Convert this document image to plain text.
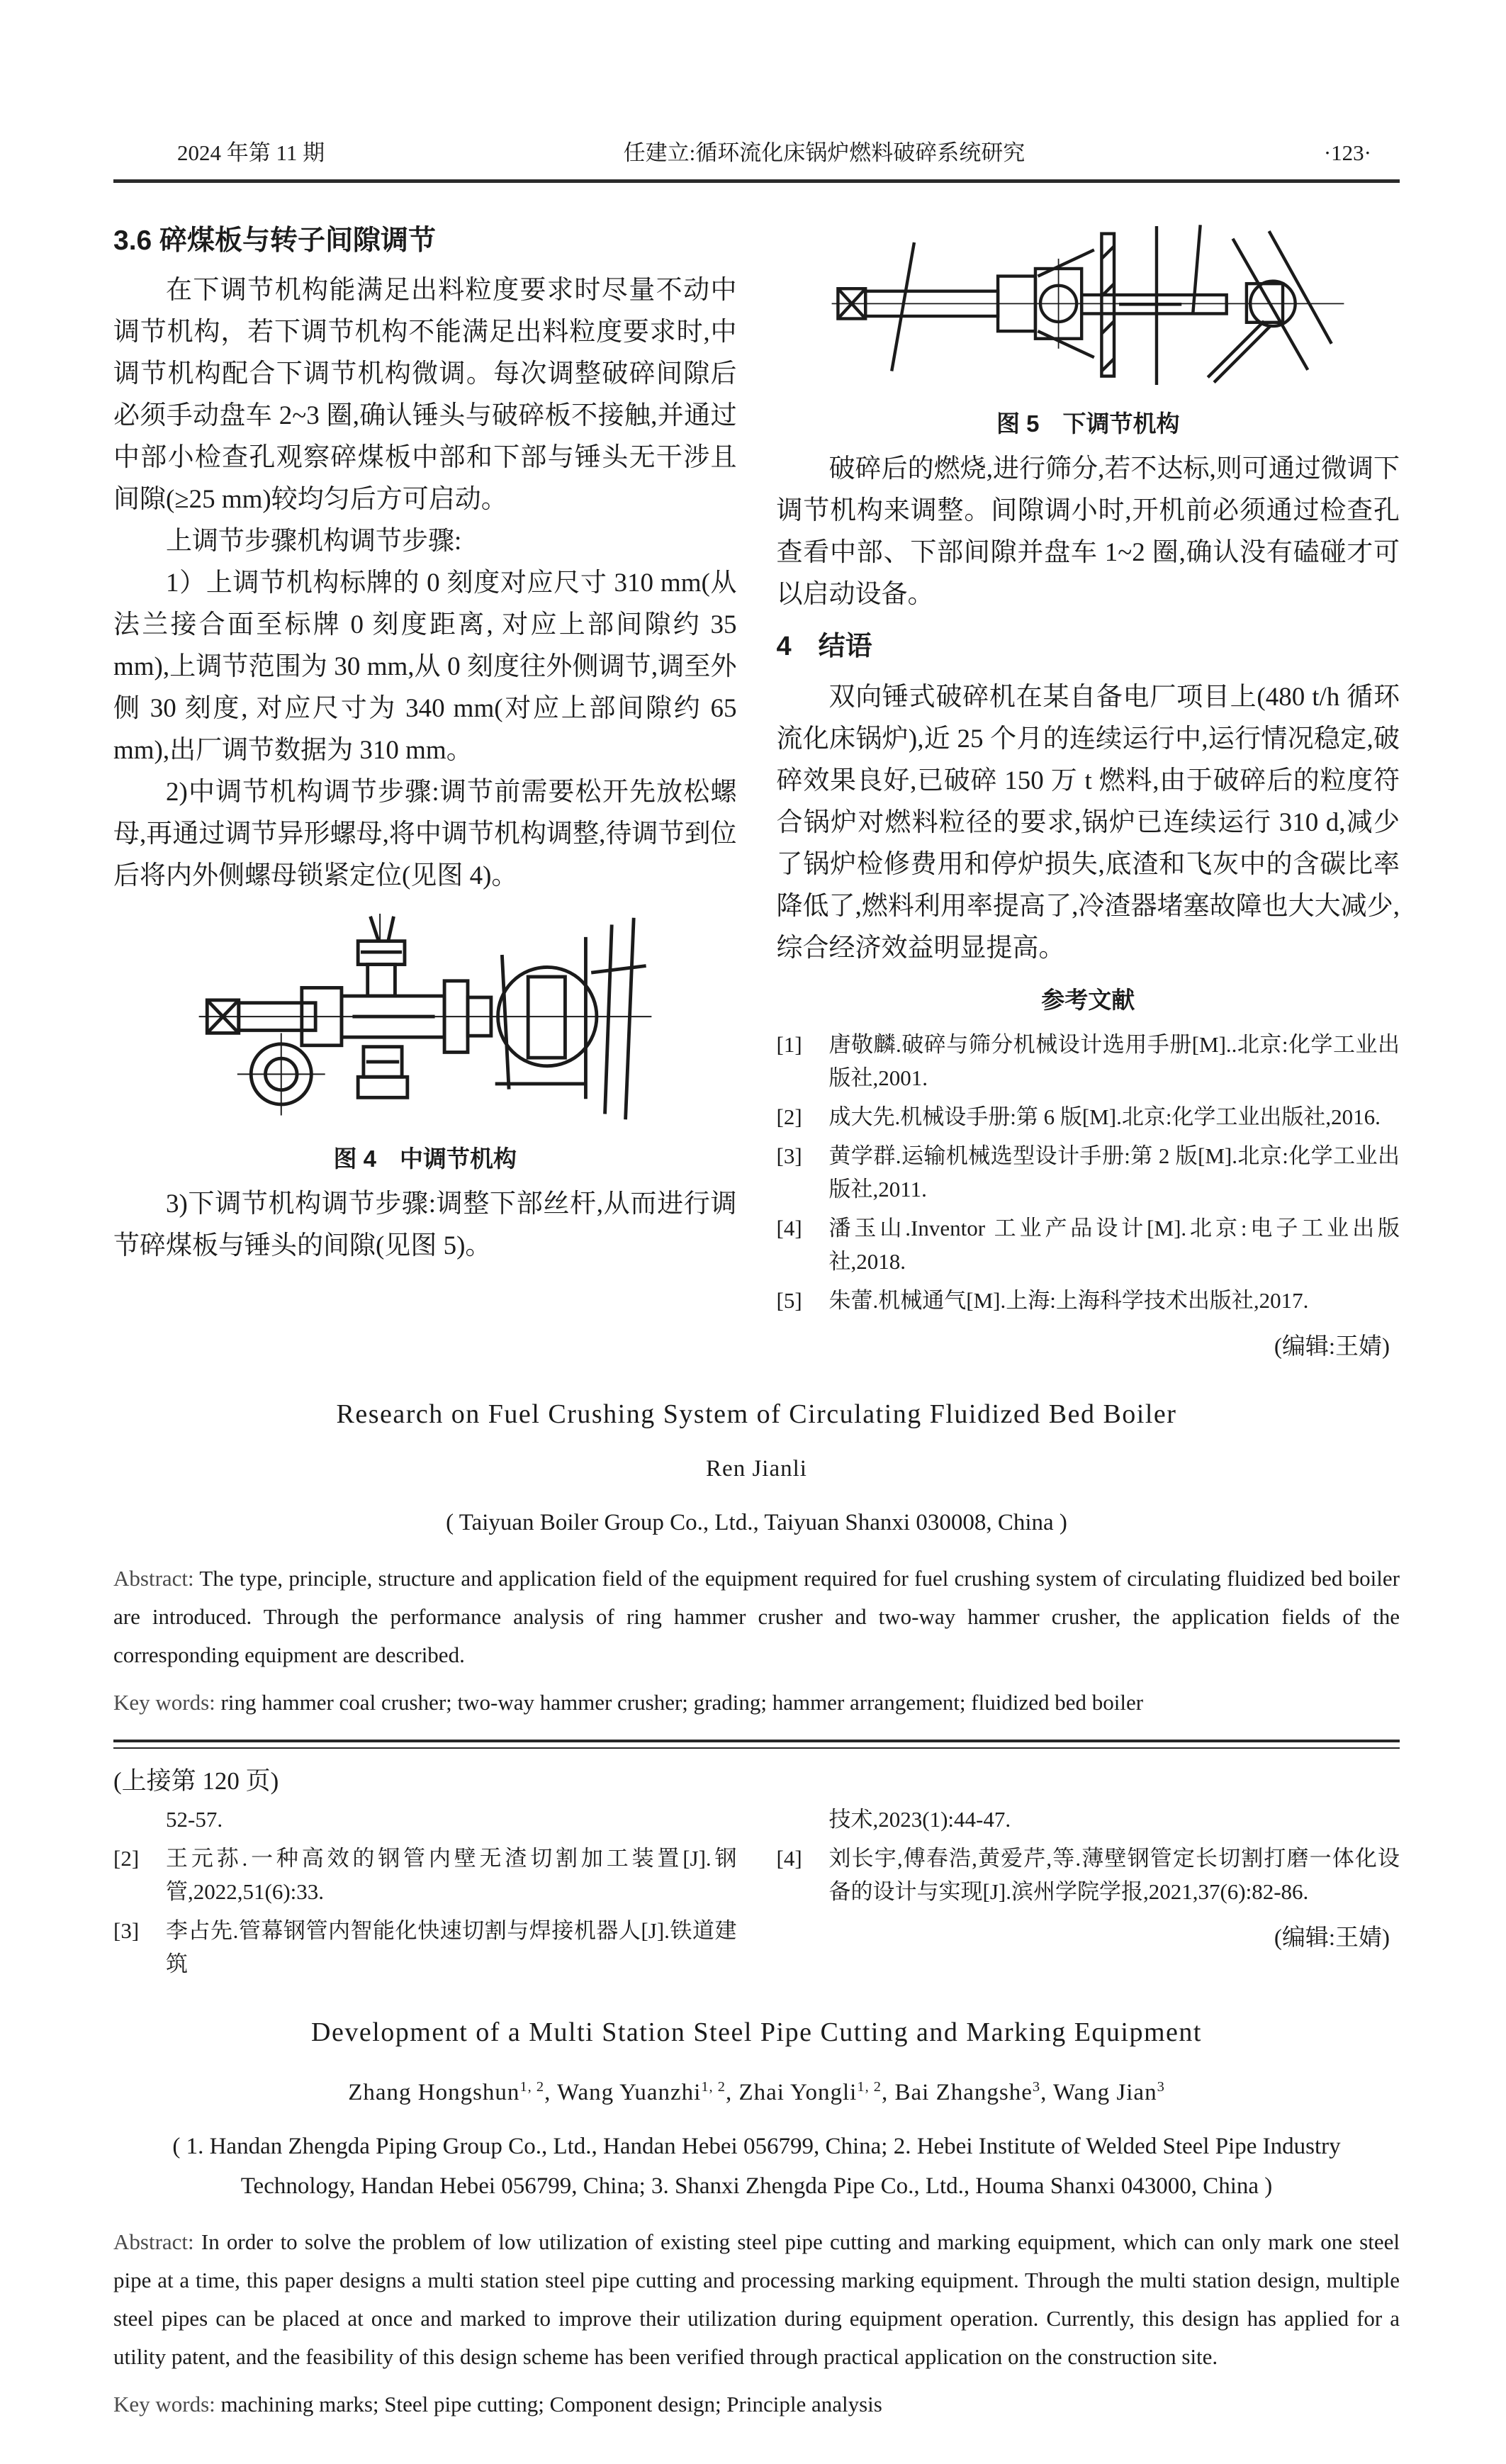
2024 年第 11 期	任建立:循环流化床锅炉燃料破碎系统研究	·123·
3.6 碎煤板与转子间隙调节

在下调节机构能满足出料粒度要求时尽量不动中调节机构，若下调节机构不能满足出料粒度要求时,中调节机构配合下调节机构微调。每次调整破碎间隙后必须手动盘车 2~3 圈,确认锤头与破碎板不接触,并通过中部小检查孔观察碎煤板中部和下部与锤头无干涉且间隙(≥25 mm)较均匀后方可启动。

上调节步骤机构调节步骤:

1）上调节机构标牌的 0 刻度对应尺寸 310 mm(从法兰接合面至标牌 0 刻度距离, 对应上部间隙约 35 mm),上调节范围为 30 mm,从 0 刻度往外侧调节,调至外侧 30 刻度, 对应尺寸为 340 mm(对应上部间隙约 65 mm),出厂调节数据为 310 mm。

2)中调节机构调节步骤:调节前需要松开先放松螺母,再通过调节异形螺母,将中调节机构调整,待调节到位后将内外侧螺母锁紧定位(见图 4)。

图 4　中调节机构

3)下调节机构调节步骤:调整下部丝杆,从而进行调节碎煤板与锤头的间隙(见图 5)。

图 5　下调节机构

破碎后的燃烧,进行筛分,若不达标,则可通过微调下调节机构来调整。间隙调小时,开机前必须通过检查孔查看中部、下部间隙并盘车 1~2 圈,确认没有磕碰才可以启动设备。

4　结语

双向锤式破碎机在某自备电厂项目上(480 t/h 循环流化床锅炉),近 25 个月的连续运行中,运行情况稳定,破碎效果良好,已破碎 150 万 t 燃料,由于破碎后的粒度符合锅炉对燃料粒径的要求,锅炉已连续运行 310 d,减少了锅炉检修费用和停炉损失,底渣和飞灰中的含碳比率降低了,燃料利用率提高了,冷渣器堵塞故障也大大减少,综合经济效益明显提高。

参考文献
[1]	唐敬麟.破碎与筛分机械设计选用手册[M]..北京:化学工业出版社,2001.
[2]	成大先.机械设手册:第 6 版[M].北京:化学工业出版社,2016.
[3]	黄学群.运输机械选型设计手册:第 2 版[M].北京:化学工业出版社,2011.
[4]	潘玉山.Inventor 工业产品设计[M].北京:电子工业出版社,2018.
[5]	朱蕾.机械通气[M].上海:上海科学技术出版社,2017.
(编辑:王婧)
Research on Fuel Crushing System of Circulating Fluidized Bed Boiler
Ren Jianli
( Taiyuan Boiler Group Co., Ltd., Taiyuan Shanxi 030008, China )
Abstract: The type, principle, structure and application field of the equipment required for fuel crushing system of circulating fluidized bed boiler are introduced. Through the performance analysis of ring hammer crusher and two-way hammer crusher, the application fields of the corresponding equipment are described.
Key words: ring hammer coal crusher; two-way hammer crusher; grading; hammer arrangement; fluidized bed boiler
(上接第 120 页)
52-57.
[2]	王元荪.一种高效的钢管内壁无渣切割加工装置[J].钢管,2022,51(6):33.
[3]	李占先.管幕钢管内智能化快速切割与焊接机器人[J].铁道建筑
技术,2023(1):44-47.
[4]	刘长宇,傅春浩,黄爱芹,等.薄壁钢管定长切割打磨一体化设备的设计与实现[J].滨州学院学报,2021,37(6):82-86.
(编辑:王婧)
Development of a Multi Station Steel Pipe Cutting and Marking Equipment
Zhang Hongshun$^{1, 2}$, Wang Yuanzhi$^{1, 2}$, Zhai Yongli$^{1, 2}$, Bai Zhangshe$^3$, Wang Jian$^3$
( 1. Handan Zhengda Piping Group Co., Ltd., Handan Hebei 056799, China; 2. Hebei Institute of Welded Steel Pipe Industry Technology, Handan Hebei 056799, China; 3. Shanxi Zhengda Pipe Co., Ltd., Houma Shanxi 043000, China )
Abstract: In order to solve the problem of low utilization of existing steel pipe cutting and marking equipment, which can only mark one steel pipe at a time, this paper designs a multi station steel pipe cutting and processing marking equipment. Through the multi station design, multiple steel pipes can be placed at once and marked to improve their utilization during equipment operation. Currently, this design has applied for a utility patent, and the feasibility of this design scheme has been verified through practical application on the construction site.
Key words: machining marks; Steel pipe cutting; Component design; Principle analysis
